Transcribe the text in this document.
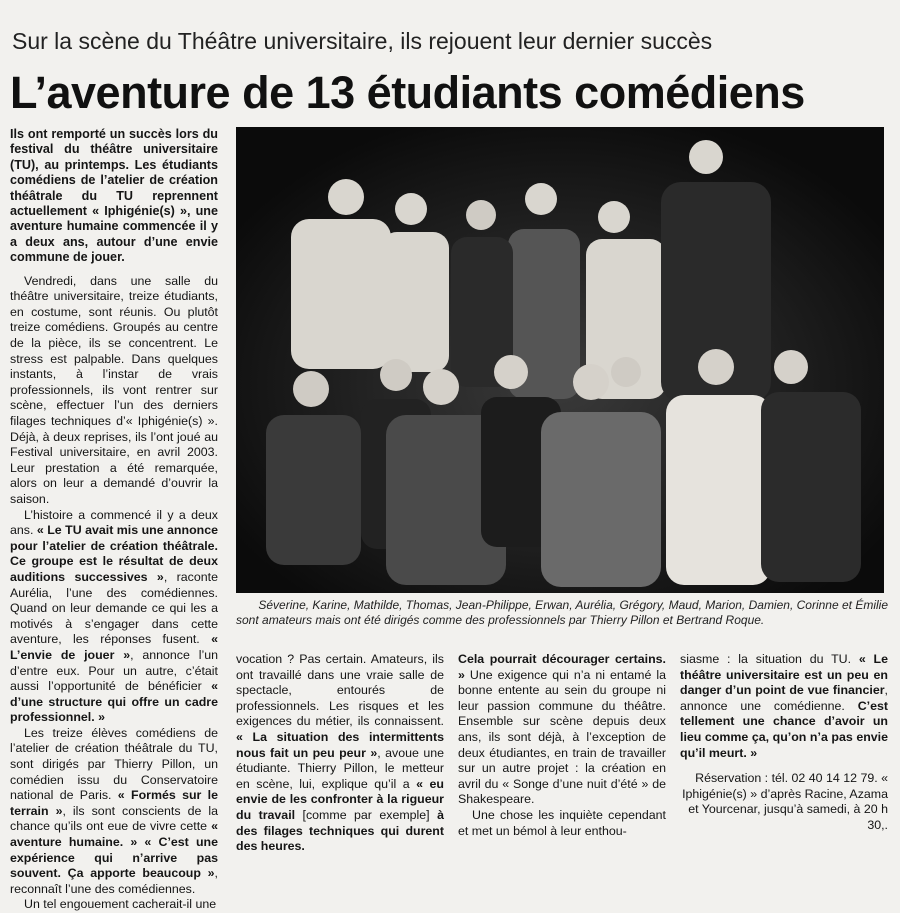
Sur la scène du Théâtre universitaire, ils rejouent leur dernier succès
L’aventure de 13 étudiants comédiens

Ils ont remporté un succès lors du festival du théâtre universitaire (TU), au printemps. Les étudiants comédiens de l’atelier de création théâtrale du TU reprennent actuellement « Iphigénie(s) », une aventure humaine commencée il y a deux ans, autour d’une envie commune de jouer.

Vendredi, dans une salle du théâtre universitaire, treize étudiants, en costume, sont réunis. Ou plutôt treize comédiens. Groupés au centre de la pièce, ils se concentrent. Le stress est palpable. Dans quelques instants, à l’instar de vrais professionnels, ils vont rentrer sur scène, effectuer l’un des derniers filages techniques d’« Iphigénie(s) ». Déjà, à deux reprises, ils l’ont joué au Festival universitaire, en avril 2003. Leur prestation a été remarquée, alors on leur a demandé d’ouvrir la saison.

L’histoire a commencé il y a deux ans. « Le TU avait mis une annonce pour l’atelier de création théâtrale. Ce groupe est le résultat de deux auditions successives », raconte Aurélia, l’une des comédiennes. Quand on leur demande ce qui les a motivés à s’engager dans cette aventure, les réponses fusent. « L’envie de jouer », annonce l’un d’entre eux. Pour un autre, c’était aussi l’opportunité de bénéficier « d’une structure qui offre un cadre professionnel. »

Les treize élèves comédiens de l’atelier de création théâtrale du TU, sont dirigés par Thierry Pillon, un comédien issu du Conservatoire national de Paris. « Formés sur le terrain », ils sont conscients de la chance qu’ils ont eue de vivre cette « aventure humaine. » « C’est une expérience qui n’arrive pas souvent. Ça apporte beaucoup », reconnaît l’une des comédiennes.

Un tel engouement cacherait-il une

Séverine, Karine, Mathilde, Thomas, Jean-Philippe, Erwan, Aurélia, Grégory, Maud, Marion, Damien, Corinne et Émilie
sont amateurs mais ont été dirigés comme des professionnels par Thierry Pillon et Bertrand Roque.

vocation ? Pas certain. Amateurs, ils ont travaillé dans une vraie salle de spectacle, entourés de professionnels. Les risques et les exigences du métier, ils connaissent. « La situation des intermittents nous fait un peu peur », avoue une étudiante. Thierry Pillon, le metteur en scène, lui, explique qu’il a « eu envie de les confronter à la rigueur du travail [comme par exemple] à des filages techniques qui durent des heures.

Cela pourrait décourager certains. » Une exigence qui n’a ni entamé la bonne entente au sein du groupe ni leur passion commune du théâtre. Ensemble sur scène depuis deux ans, ils sont déjà, à l’exception de deux étudiantes, en train de travailler sur un autre projet : la création en avril du « Songe d’une nuit d’été » de Shakespeare.

Une chose les inquiète cependant et met un bémol à leur enthou-

siasme : la situation du TU. « Le théâtre universitaire est un peu en danger d’un point de vue financier, annonce une comédienne. C’est tellement une chance d’avoir un lieu comme ça, qu’on n’a pas envie qu’il meurt. »

Réservation : tél. 02 40 14 12 79. « Iphigénie(s) » d’après Racine, Azama et Yourcenar, jusqu’à samedi, à 20 h 30,.
